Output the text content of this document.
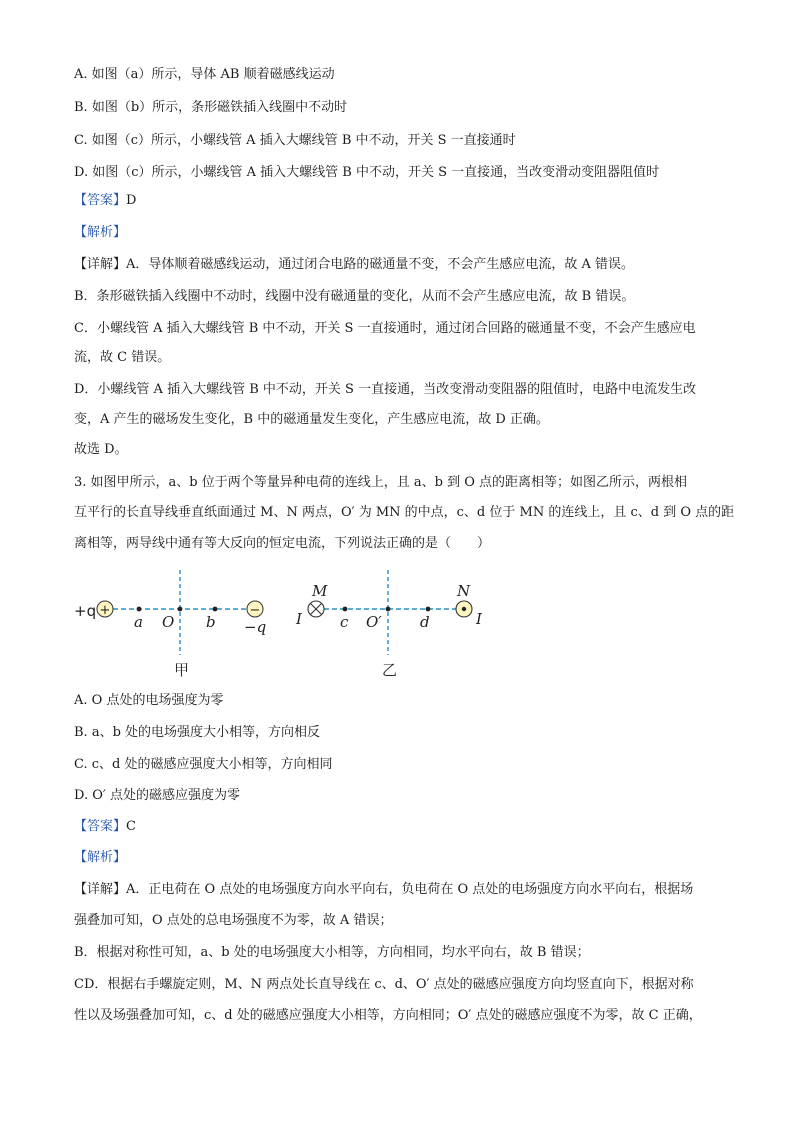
A. 如图（a）所示，导体 AB 顺着磁感线运动
B. 如图（b）所示，条形磁铁插入线圈中不动时
C. 如图（c）所示，小螺线管 A 插入大螺线管 B 中不动，开关 S 一直接通时
D. 如图（c）所示，小螺线管 A 插入大螺线管 B 中不动，开关 S 一直接通，当改变滑动变阻器阻值时
【答案】D
【解析】
【详解】A．导体顺着磁感线运动，通过闭合电路的磁通量不变，不会产生感应电流，故 A 错误。
B．条形磁铁插入线圈中不动时，线圈中没有磁通量的变化，从而不会产生感应电流，故 B 错误。
C．小螺线管 A 插入大螺线管 B 中不动，开关 S 一直接通时，通过闭合回路的磁通量不变，不会产生感应电
流，故 C 错误。
D．小螺线管 A 插入大螺线管 B 中不动，开关 S 一直接通，当改变滑动变阻器的阻值时，电路中电流发生改
变，A 产生的磁场发生变化，B 中的磁通量发生变化，产生感应电流，故 D 正确。
故选 D。
3. 如图甲所示，a、b 位于两个等量异种电荷的连线上，且 a、b 到 O 点的距离相等；如图乙所示，两根相
互平行的长直导线垂直纸面通过 M、N 两点，O′ 为 MN 的中点，c、d 位于 MN 的连线上，且 c、d 到 O 点的距
离相等，两导线中通有等大反向的恒定电流，下列说法正确的是（　　）
+	−
+q
a O b −q
甲
M	N
I	I
c O′	d
乙
A. O 点处的电场强度为零
B. a、b 处的电场强度大小相等，方向相反
C. c、d 处的磁感应强度大小相等，方向相同
D. O′ 点处的磁感应强度为零
【答案】C
【解析】
【详解】A．正电荷在 O 点处的电场强度方向水平向右，负电荷在 O 点处的电场强度方向水平向右，根据场
强叠加可知，O 点处的总电场强度不为零，故 A 错误；
B．根据对称性可知，a、b 处的电场强度大小相等，方向相同，均水平向右，故 B 错误；
CD．根据右手螺旋定则，M、N 两点处长直导线在 c、d、O′ 点处的磁感应强度方向均竖直向下，根据对称
性以及场强叠加可知，c、d 处的磁感应强度大小相等，方向相同；O′ 点处的磁感应强度不为零，故 C 正确，
